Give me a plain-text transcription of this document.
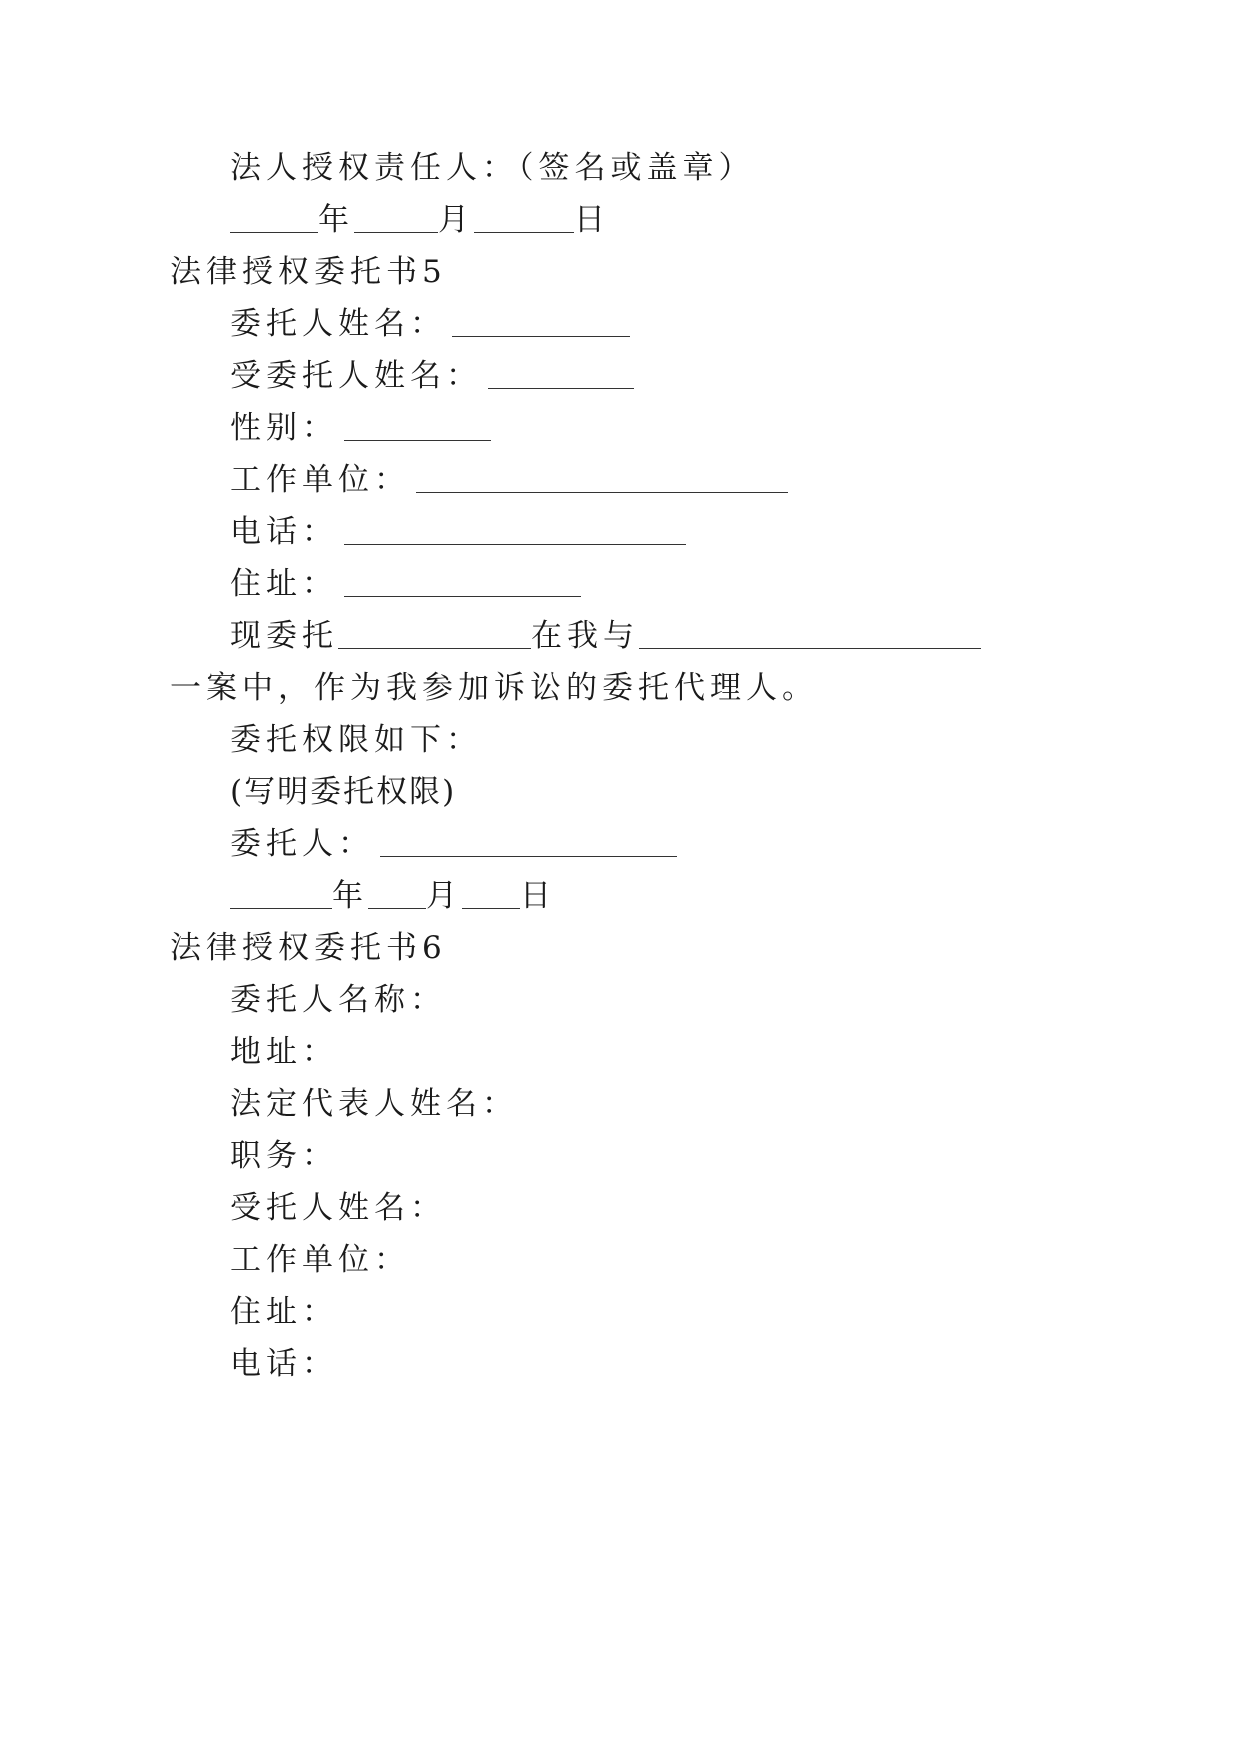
法人授权责任人：（签名或盖章）
年	月	日
法律授权委托书5
委托人姓名：
受委托人姓名：
性别：
工作单位：
电话：
住址：
现委托	在我与
一案中，作为我参加诉讼的委托代理人。
委托权限如下：
(写明委托权限)
委托人：
年 月 日
法律授权委托书6
委托人名称：
地址：
法定代表人姓名：
职务：
受托人姓名：
工作单位：
住址：
电话：
